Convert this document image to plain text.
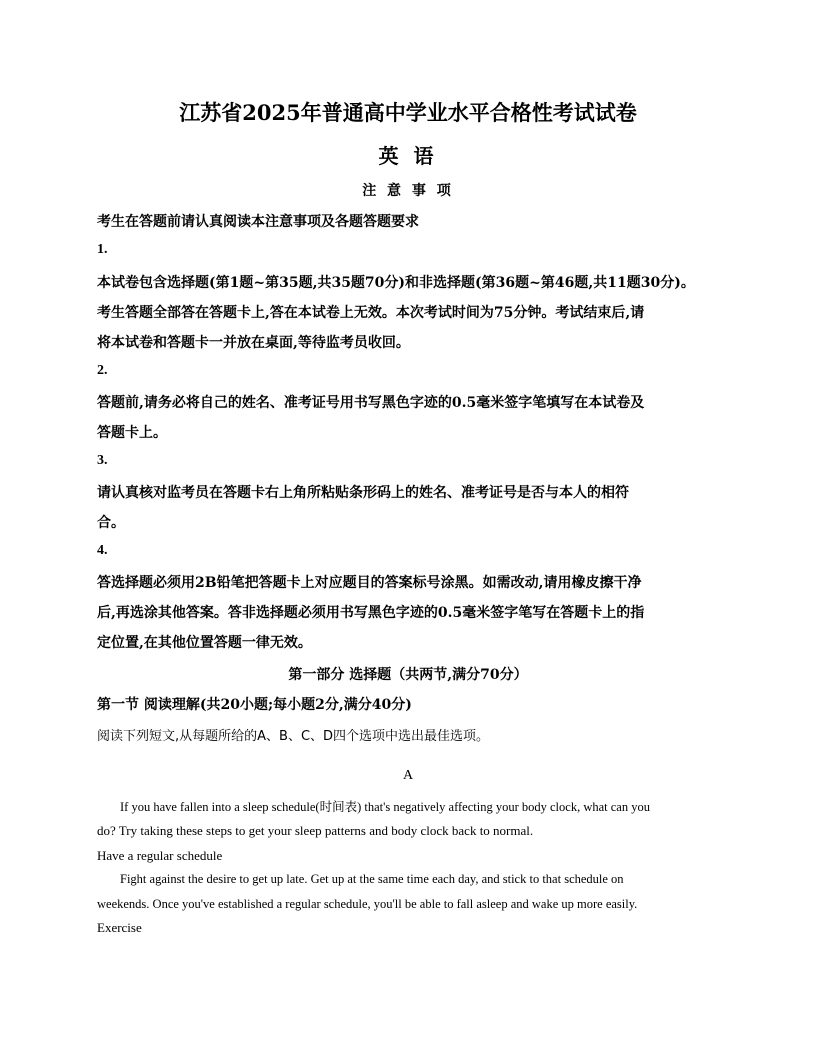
江苏省2025年普通高中学业水平合格性考试试卷
英 语
注 意 事 项
考生在答题前请认真阅读本注意事项及各题答题要求
1.
本试卷包含选择题(第1题~第35题,共35题70分)和非选择题(第36题~第46题,共11题30分)。
考生答题全部答在答题卡上,答在本试卷上无效。本次考试时间为75分钟。考试结束后,请
将本试卷和答题卡一并放在桌面,等待监考员收回。
2.
答题前,请务必将自己的姓名、准考证号用书写黑色字迹的0.5毫米签字笔填写在本试卷及
答题卡上。
3.
请认真核对监考员在答题卡右上角所粘贴条形码上的姓名、准考证号是否与本人的相符
合。
4.
答选择题必须用2B铅笔把答题卡上对应题目的答案标号涂黑。如需改动,请用橡皮擦干净
后,再选涂其他答案。答非选择题必须用书写黑色字迹的0.5毫米签字笔写在答题卡上的指
定位置,在其他位置答题一律无效。
第一部分 选择题（共两节,满分70分）
第一节 阅读理解(共20小题;每小题2分,满分40分)
阅读下列短文,从每题所给的A、B、C、D四个选项中选出最佳选项。
A
If you have fallen into a sleep schedule(时间表) that's negatively affecting your body clock, what can you
do? Try taking these steps to get your sleep patterns and body clock back to normal.
Have a regular schedule
Fight against the desire to get up late. Get up at the same time each day, and stick to that schedule on
weekends. Once you've established a regular schedule, you'll be able to fall asleep and wake up more easily.
Exercise
